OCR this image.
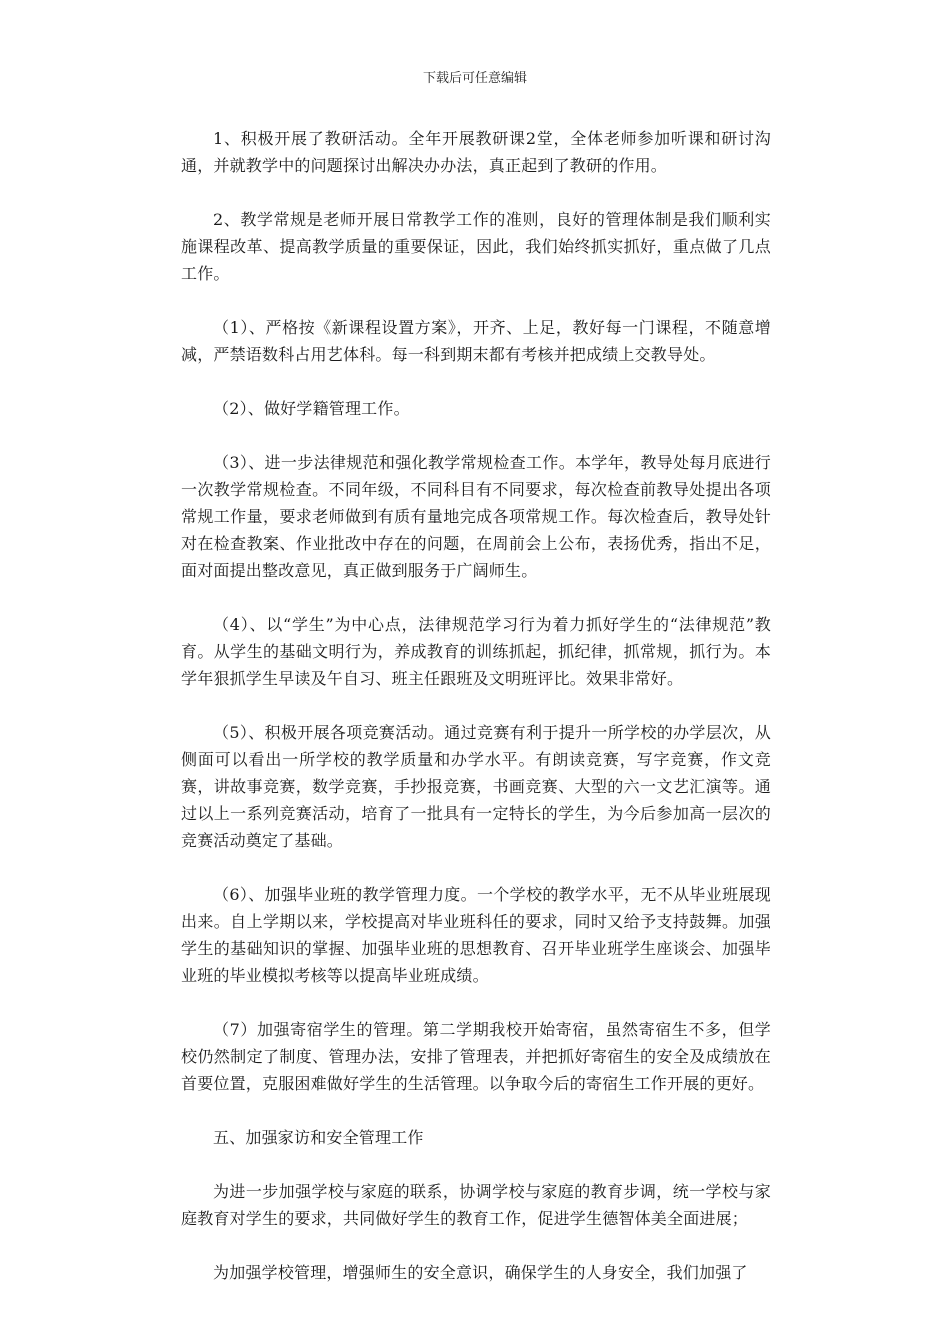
下载后可任意编辑

1、积极开展了教研活动。全年开展教研课2堂，全体老师参加听课和研讨沟通，并就教学中的问题探讨出解决办办法，真正起到了教研的作用。

2、教学常规是老师开展日常教学工作的准则，良好的管理体制是我们顺利实施课程改革、提高教学质量的重要保证，因此，我们始终抓实抓好，重点做了几点工作。

（1）、严格按《新课程设置方案》，开齐、上足，教好每一门课程，不随意增减，严禁语数科占用艺体科。每一科到期末都有考核并把成绩上交教导处。

（2）、做好学籍管理工作。

（3）、进一步法律规范和强化教学常规检查工作。本学年，教导处每月底进行一次教学常规检查。不同年级，不同科目有不同要求，每次检查前教导处提出各项常规工作量，要求老师做到有质有量地完成各项常规工作。每次检查后，教导处针对在检查教案、作业批改中存在的问题，在周前会上公布，表扬优秀，指出不足，面对面提出整改意见，真正做到服务于广阔师生。

（4）、以“学生”为中心点，法律规范学习行为着力抓好学生的“法律规范”教育。从学生的基础文明行为，养成教育的训练抓起，抓纪律，抓常规，抓行为。本学年狠抓学生早读及午自习、班主任跟班及文明班评比。效果非常好。

（5）、积极开展各项竞赛活动。通过竞赛有利于提升一所学校的办学层次，从侧面可以看出一所学校的教学质量和办学水平。有朗读竞赛，写字竞赛，作文竞赛，讲故事竞赛，数学竞赛，手抄报竞赛，书画竞赛、大型的六一文艺汇演等。通过以上一系列竞赛活动，培育了一批具有一定特长的学生，为今后参加高一层次的竞赛活动奠定了基础。

（6）、加强毕业班的教学管理力度。一个学校的教学水平，无不从毕业班展现出来。自上学期以来，学校提高对毕业班科任的要求，同时又给予支持鼓舞。加强学生的基础知识的掌握、加强毕业班的思想教育、召开毕业班学生座谈会、加强毕业班的毕业模拟考核等以提高毕业班成绩。

（7）加强寄宿学生的管理。第二学期我校开始寄宿，虽然寄宿生不多，但学校仍然制定了制度、管理办法，安排了管理表，并把抓好寄宿生的安全及成绩放在首要位置，克服困难做好学生的生活管理。以争取今后的寄宿生工作开展的更好。

五、加强家访和安全管理工作

为进一步加强学校与家庭的联系，协调学校与家庭的教育步调，统一学校与家庭教育对学生的要求，共同做好学生的教育工作，促进学生德智体美全面进展；

为加强学校管理，增强师生的安全意识，确保学生的人身安全，我们加强了
